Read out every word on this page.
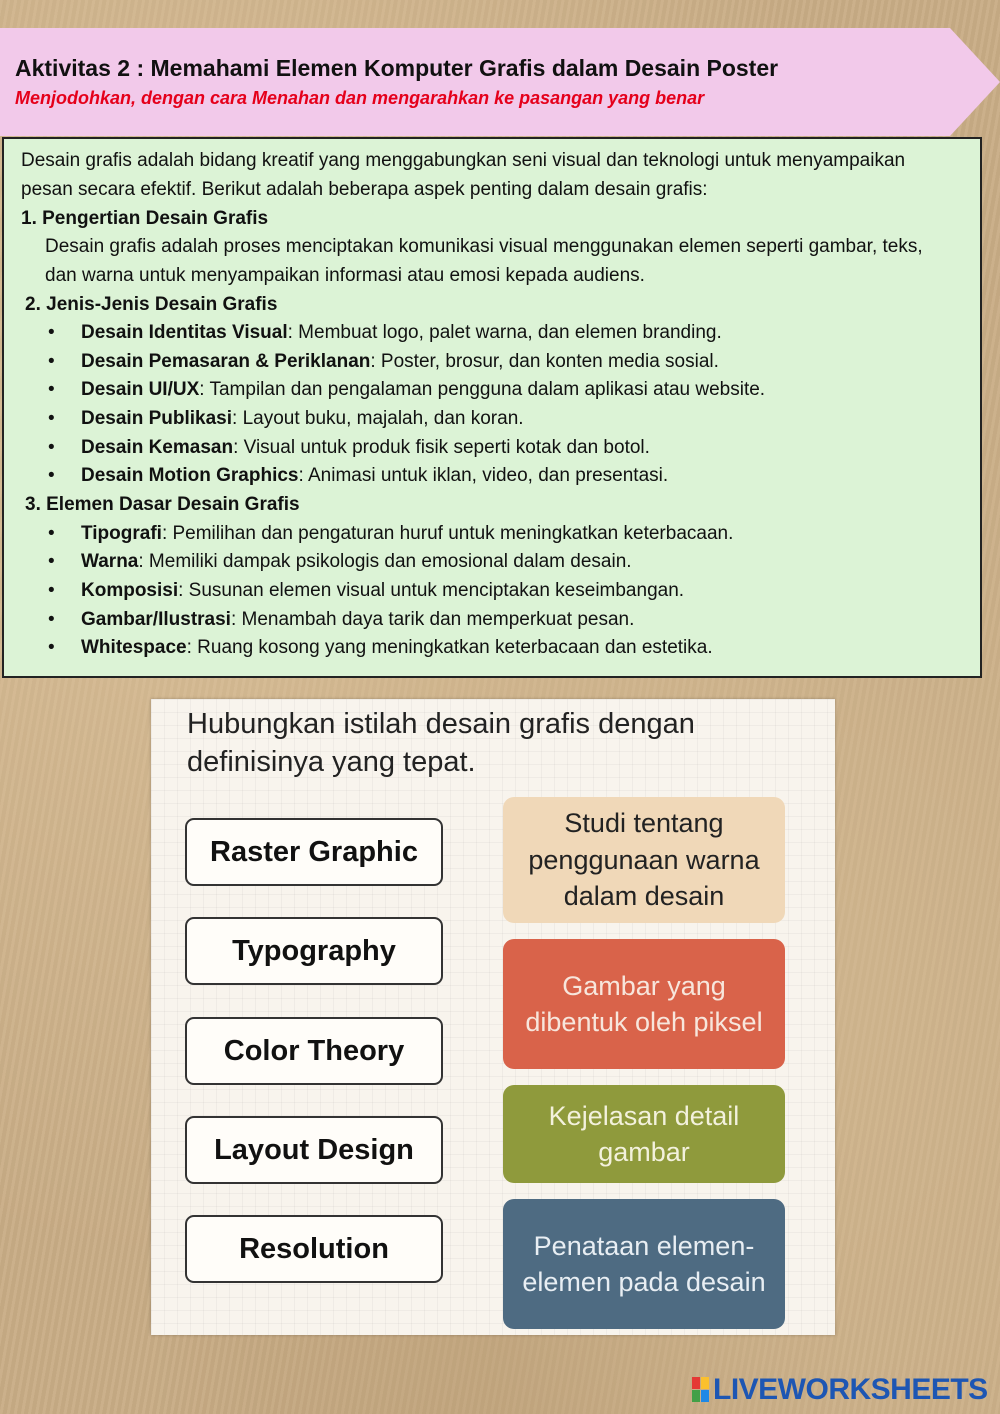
Aktivitas 2 : Memahami Elemen Komputer Grafis dalam Desain Poster
Menjodohkan, dengan cara Menahan dan mengarahkan ke pasangan yang benar
Desain grafis adalah bidang kreatif yang menggabungkan seni visual dan teknologi untuk menyampaikan pesan secara efektif. Berikut adalah beberapa aspek penting dalam desain grafis:
1. Pengertian Desain Grafis
Desain grafis adalah proses menciptakan komunikasi visual menggunakan elemen seperti gambar, teks, dan warna untuk menyampaikan informasi atau emosi kepada audiens.
2. Jenis-Jenis Desain Grafis
• Desain Identitas Visual: Membuat logo, palet warna, dan elemen branding.
• Desain Pemasaran & Periklanan: Poster, brosur, dan konten media sosial.
• Desain UI/UX: Tampilan dan pengalaman pengguna dalam aplikasi atau website.
• Desain Publikasi: Layout buku, majalah, dan koran.
• Desain Kemasan: Visual untuk produk fisik seperti kotak dan botol.
• Desain Motion Graphics: Animasi untuk iklan, video, dan presentasi.
3. Elemen Dasar Desain Grafis
• Tipografi: Pemilihan dan pengaturan huruf untuk meningkatkan keterbacaan.
• Warna: Memiliki dampak psikologis dan emosional dalam desain.
• Komposisi: Susunan elemen visual untuk menciptakan keseimbangan.
• Gambar/Ilustrasi: Menambah daya tarik dan memperkuat pesan.
• Whitespace: Ruang kosong yang meningkatkan keterbacaan dan estetika.
Hubungkan istilah desain grafis dengan definisinya yang tepat.
Raster Graphic
Typography
Color Theory
Layout Design
Resolution
Studi tentang penggunaan warna dalam desain
Gambar yang dibentuk oleh piksel
Kejelasan detail gambar
Penataan elemen-elemen pada desain
LIVEWORKSHEETS
